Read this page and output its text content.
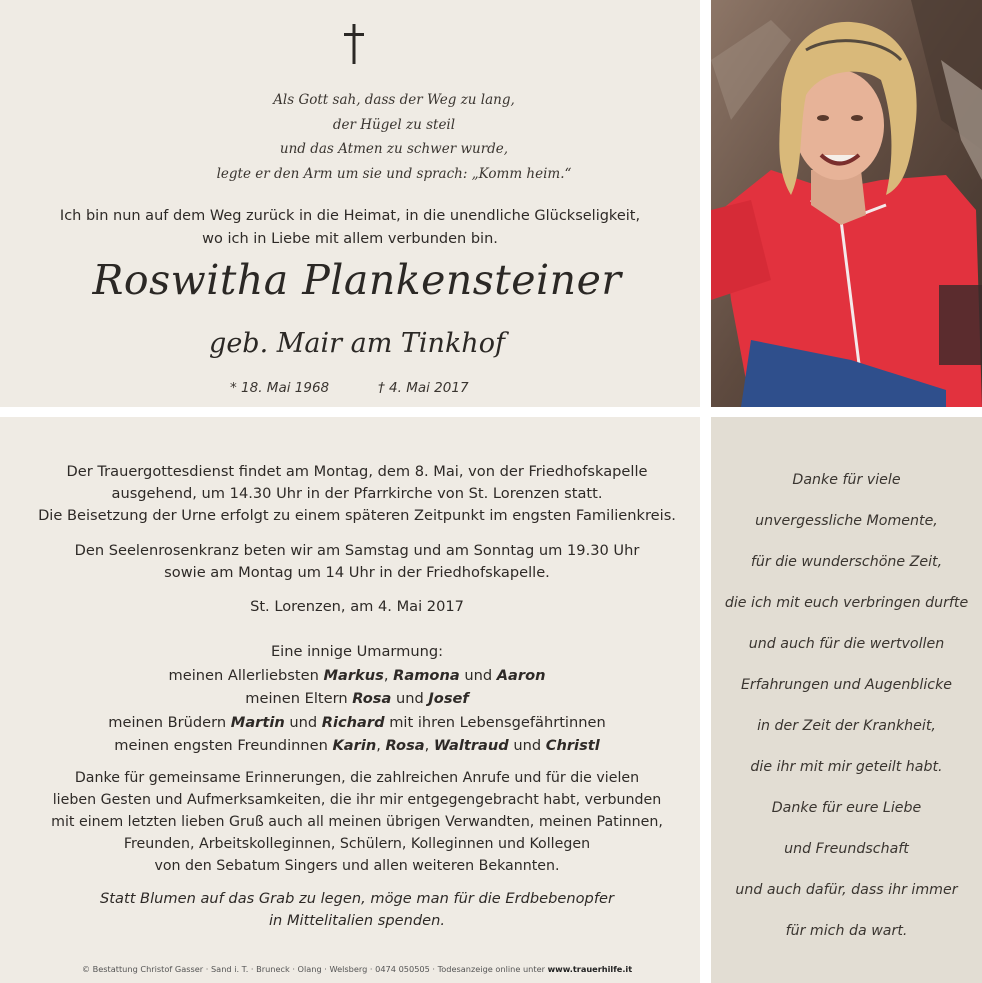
Als Gott sah, dass der Weg zu lang,
der Hügel zu steil
und das Atmen zu schwer wurde,
legte er den Arm um sie und sprach: „Komm heim.“
Ich bin nun auf dem Weg zurück in die Heimat, in die unendliche Glückseligkeit,
wo ich in Liebe mit allem verbunden bin.
Roswitha Plankensteiner
geb. Mair am Tinkhof
* 18. Mai 1968	† 4. Mai 2017
Der Trauergottesdienst findet am Montag, dem 8. Mai, von der Friedhofskapelle
ausgehend, um 14.30 Uhr in der Pfarrkirche von St. Lorenzen statt.
Die Beisetzung der Urne erfolgt zu einem späteren Zeitpunkt im engsten Familienkreis.
Den Seelenrosenkranz beten wir am Samstag und am Sonntag um 19.30 Uhr
sowie am Montag um 14 Uhr in der Friedhofskapelle.
St. Lorenzen, am 4. Mai 2017
Eine innige Umarmung:
meinen Allerliebsten Markus, Ramona und Aaron
meinen Eltern Rosa und Josef
meinen Brüdern Martin und Richard mit ihren Lebensgefährtinnen
meinen engsten Freundinnen Karin, Rosa, Waltraud und Christl
Danke für gemeinsame Erinnerungen, die zahlreichen Anrufe und für die vielen
lieben Gesten und Aufmerksamkeiten, die ihr mir entgegengebracht habt, verbunden
mit einem letzten lieben Gruß auch all meinen übrigen Verwandten, meinen Patinnen,
Freunden, Arbeitskolleginnen, Schülern, Kolleginnen und Kollegen
von den Sebatum Singers und allen weiteren Bekannten.
Statt Blumen auf das Grab zu legen, möge man für die Erdbebenopfer
in Mittelitalien spenden.
Danke für viele
unvergessliche Momente,
für die wunderschöne Zeit,
die ich mit euch verbringen durfte
und auch für die wertvollen
Erfahrungen und Augenblicke
in der Zeit der Krankheit,
die ihr mit mir geteilt habt.
Danke für eure Liebe
und Freundschaft
und auch dafür, dass ihr immer
für mich da wart.
© Bestattung Christof Gasser · Sand i. T. · Bruneck · Olang · Welsberg · 0474 050505 · Todesanzeige online unter www.trauerhilfe.it
